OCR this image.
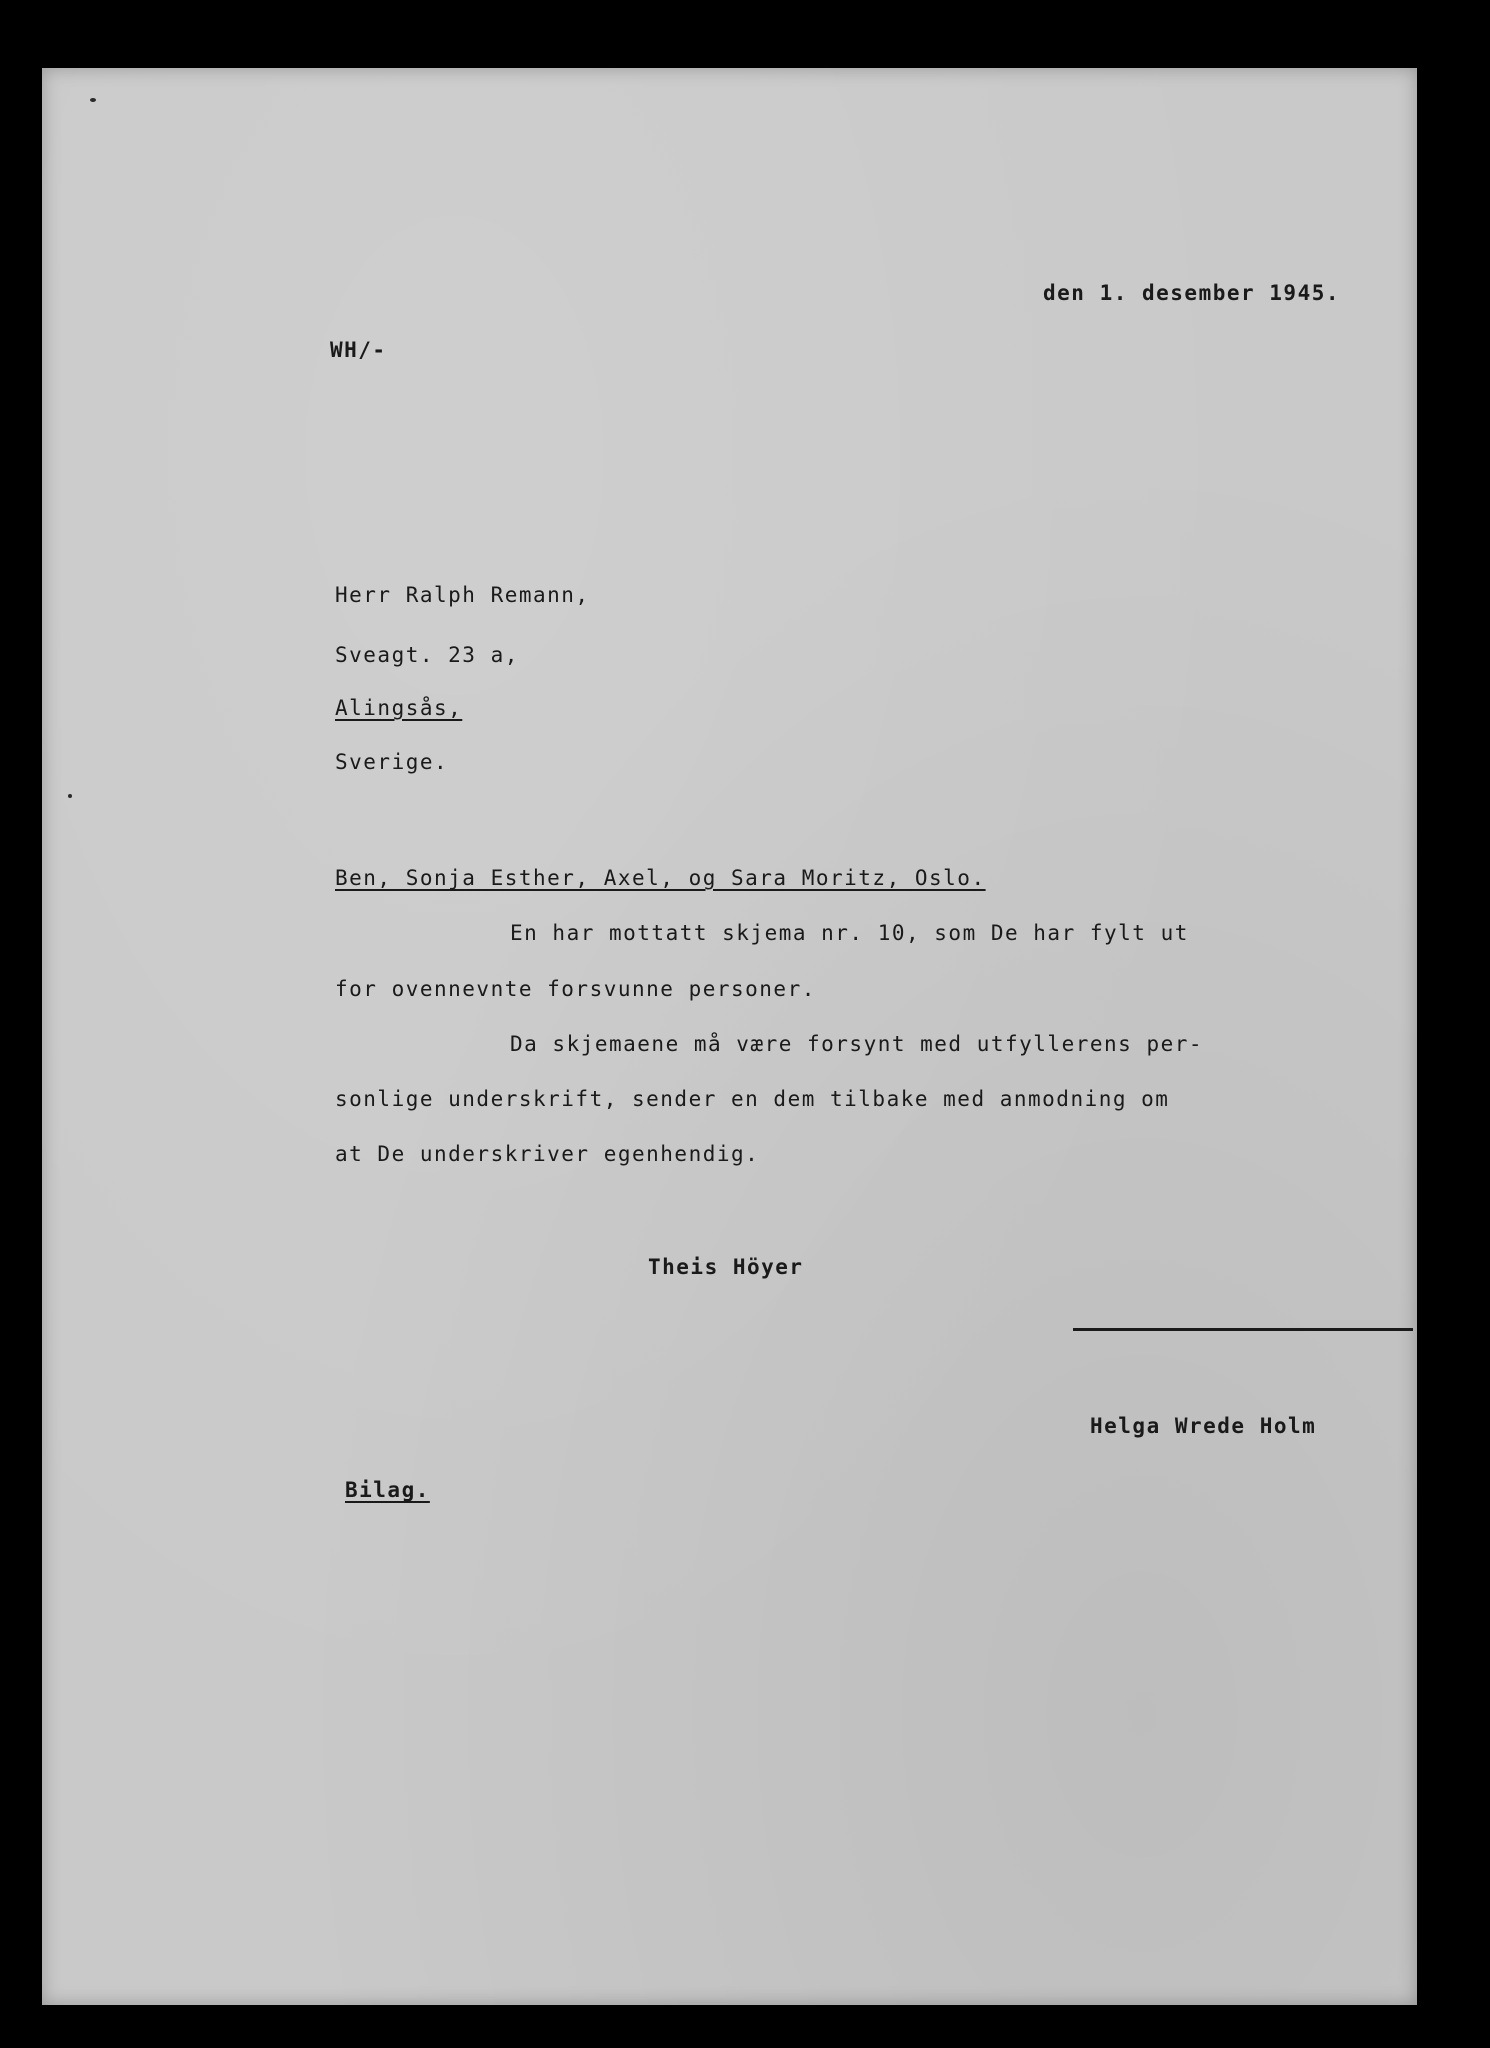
den 1. desember 1945.
WH/-
Herr Ralph Remann,
Sveagt. 23 a,
Alingsås,
Sverige.
Ben, Sonja Esther, Axel, og Sara Moritz, Oslo.
En har mottatt skjema nr. 10, som De har fylt ut
for ovennevnte forsvunne personer.
Da skjemaene må være forsynt med utfyllerens per-
sonlige underskrift, sender en dem tilbake med anmodning om
at De underskriver egenhendig.
Theis Höyer
Helga Wrede Holm
Bilag.
